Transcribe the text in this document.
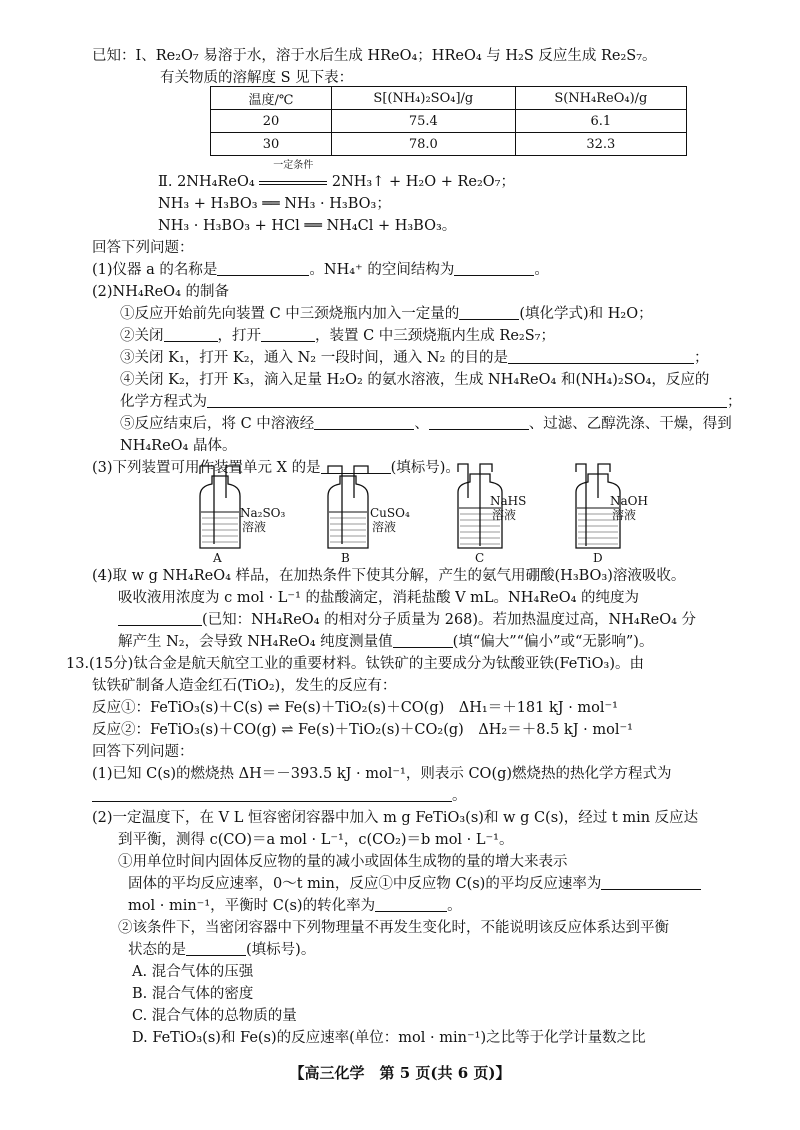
已知：Ⅰ、Re₂O₇ 易溶于水，溶于水后生成 HReO₄；HReO₄ 与 H₂S 反应生成 Re₂S₇。
有关物质的溶解度 S 见下表：
温度/℃	S[(NH₄)₂SO₄]/g	S(NH₄ReO₄)/g
20	75.4	6.1
30	78.0	32.3
Ⅱ. 2NH₄ReO₄
一定条件
2NH₃↑ + H₂O + Re₂O₇；
NH₃ + H₃BO₃ ══ NH₃ · H₃BO₃；
NH₃ · H₃BO₃ + HCl ══ NH₄Cl + H₃BO₃。
回答下列问题：
(1)仪器 a 的名称是	。NH₄⁺ 的空间结构为	。
(2)NH₄ReO₄ 的制备
①反应开始前先向装置 C 中三颈烧瓶内加入一定量的	(填化学式)和 H₂O；
②关闭	，打开	，装置 C 中三颈烧瓶内生成 Re₂S₇；
③关闭 K₁，打开 K₂，通入 N₂ 一段时间，通入 N₂ 的目的是	；
④关闭 K₂，打开 K₃，滴入足量 H₂O₂ 的氨水溶液，生成 NH₄ReO₄ 和(NH₄)₂SO₄，反应的
化学方程式为	；
⑤反应结束后，将 C 中溶液经	、	、过滤、乙醇洗涤、干燥，得到
NH₄ReO₄ 晶体。
(3)下列装置可用作装置单元 X 的是	(填标号)。
Na₂SO₃
溶液
A
CuSO₄
溶液
B
NaHS
溶液
C
NaOH
溶液
D
(4)取 w g NH₄ReO₄ 样品，在加热条件下使其分解，产生的氨气用硼酸(H₃BO₃)溶液吸收。
吸收液用浓度为 c mol · L⁻¹ 的盐酸滴定，消耗盐酸 V mL。NH₄ReO₄ 的纯度为
(已知：NH₄ReO₄ 的相对分子质量为 268)。若加热温度过高，NH₄ReO₄ 分
解产生 N₂，会导致 NH₄ReO₄ 纯度测量值	(填“偏大”“偏小”或“无影响”)。
13.(15分)钛合金是航天航空工业的重要材料。钛铁矿的主要成分为钛酸亚铁(FeTiO₃)。由
钛铁矿制备人造金红石(TiO₂)，发生的反应有：
反应①：FeTiO₃(s)＋C(s) ⇌ Fe(s)＋TiO₂(s)＋CO(g)　ΔH₁＝＋181 kJ · mol⁻¹
反应②：FeTiO₃(s)＋CO(g) ⇌ Fe(s)＋TiO₂(s)＋CO₂(g)　ΔH₂＝＋8.5 kJ · mol⁻¹
回答下列问题：
(1)已知 C(s)的燃烧热 ΔH＝－393.5 kJ · mol⁻¹，则表示 CO(g)燃烧热的热化学方程式为
。
(2)一定温度下，在 V L 恒容密闭容器中加入 m g FeTiO₃(s)和 w g C(s)，经过 t min 反应达
到平衡，测得 c(CO)＝a mol · L⁻¹，c(CO₂)＝b mol · L⁻¹。
①用单位时间内固体反应物的量的减小或固体生成物的量的增大来表示
固体的平均反应速率，0～t min，反应①中反应物 C(s)的平均反应速率为
mol · min⁻¹，平衡时 C(s)的转化率为	。
②该条件下，当密闭容器中下列物理量不再发生变化时，不能说明该反应体系达到平衡
状态的是	(填标号)。
A. 混合气体的压强
B. 混合气体的密度
C. 混合气体的总物质的量
D. FeTiO₃(s)和 Fe(s)的反应速率(单位：mol · min⁻¹)之比等于化学计量数之比
【高三化学　第 5 页(共 6 页)】
